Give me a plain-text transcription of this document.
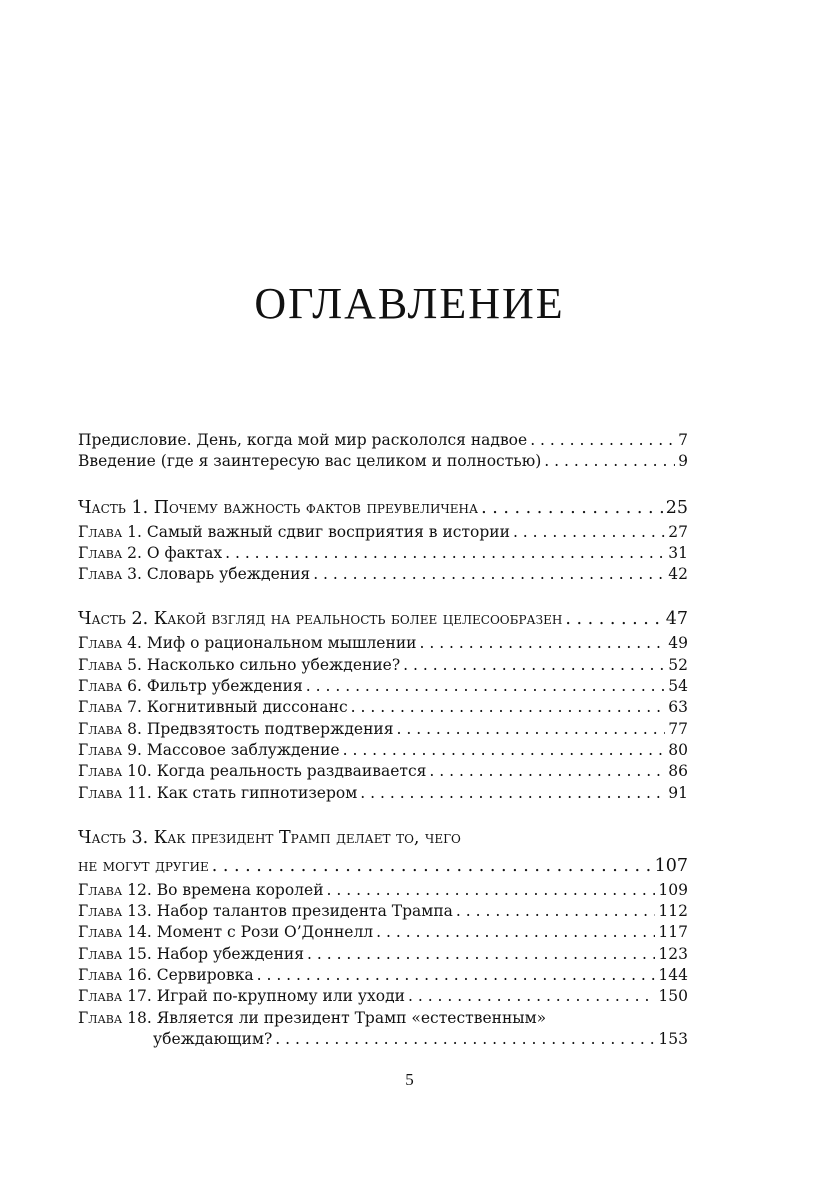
ОГЛАВЛЕНИЕ
Предисловие. День, когда мой мир раскололся надвое . . .	7
Введение (где я заинтересую вас целиком и полностью) . . .	9
Часть 1. Почему важность фактов преувеличена . . .	25
Глава 1. Самый важный сдвиг восприятия в истории . . .	27
Глава 2. О фактах . . .	31
Глава 3. Словарь убеждения . . .	42
Часть 2. Какой взгляд на реальность более целесообразен . . .	47
Глава 4. Миф о рациональном мышлении . . .	49
Глава 5. Насколько сильно убеждение? . . .	52
Глава 6. Фильтр убеждения . . .	54
Глава 7. Когнитивный диссонанс . . .	63
Глава 8. Предвзятость подтверждения . . .	77
Глава 9. Массовое заблуждение . . .	80
Глава 10. Когда реальность раздваивается . . .	86
Глава 11. Как стать гипнотизером . . .	91
Часть 3. Как президент Трамп делает то, чего
не могут другие . . .	107
Глава 12. Во времена королей . . .	109
Глава 13. Набор талантов президента Трампа . . .	112
Глава 14. Момент с Рози О’Доннелл . . .	117
Глава 15. Набор убеждения . . .	123
Глава 16. Сервировка . . .	144
Глава 17. Играй по-крупному или уходи . . .	150
Глава 18. Является ли президент Трамп «естественным»
убеждающим? . . .	153
5
